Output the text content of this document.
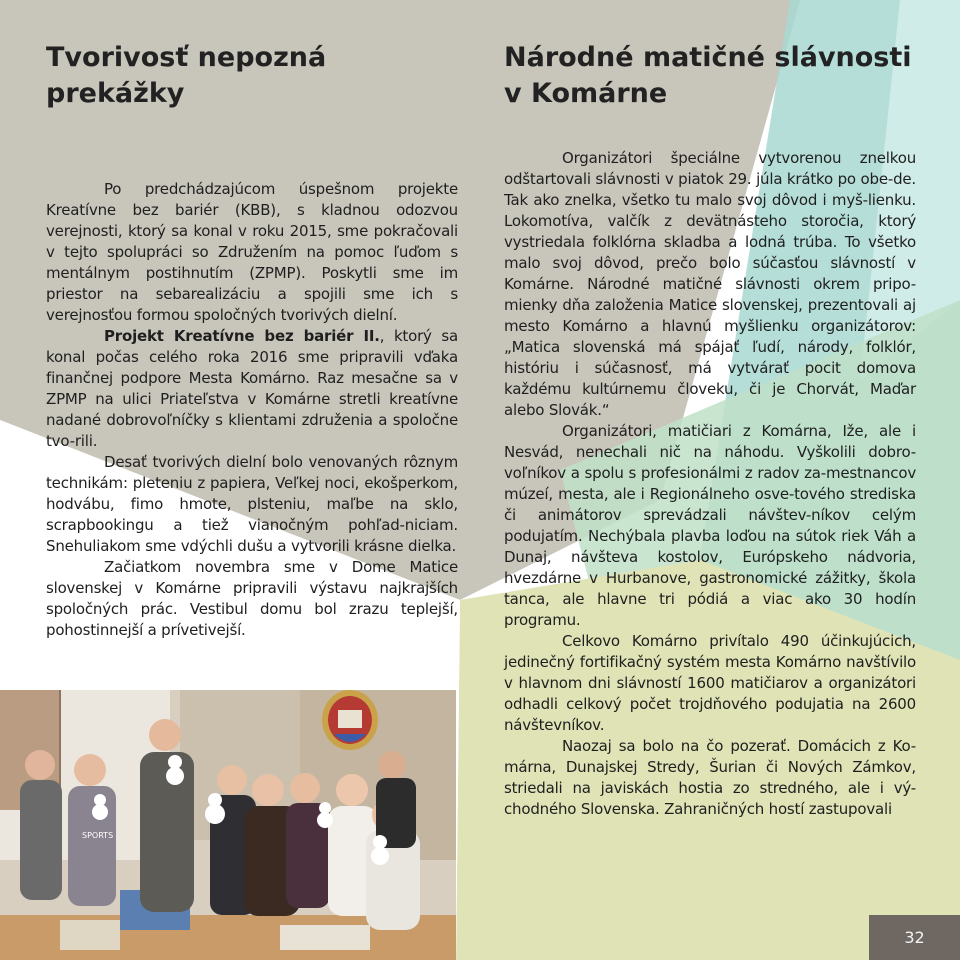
Tvorivosť nepozná prekážky

Po predchádzajúcom úspešnom projekte Kreatívne bez bariér (KBB), s kladnou odozvou verejnosti, ktorý sa konal v roku 2015, sme pokračovali v tejto spolupráci so Združením na pomoc ľuďom s mentálnym postihnutím (ZPMP). Poskytli sme im priestor na sebarealizáciu a spojili sme ich s verejnosťou formou spoločných tvorivých dielní.

Projekt Kreatívne bez bariér II., ktorý sa konal počas celého roka 2016 sme pripravili vďaka finančnej podpore Mesta Komárno. Raz mesačne sa v ZPMP na ulici Priateľstva v Komárne stretli kreatívne nadané dobrovoľníčky s klientami združenia a spoločne tvo-rili.

Desať tvorivých dielní bolo venovaných rôznym technikám: pleteniu z papiera, Veľkej noci, ekošperkom, hodvábu, fimo hmote, plsteniu, maľbe na sklo, scrapbookingu a tiež vianočným pohľad-niciam. Snehuliakom sme vdýchli dušu a vytvorili krásne dielka.

Začiatkom novembra sme v Dome Matice slovenskej v Komárne pripravili výstavu najkrajších spoločných prác. Vestibul domu bol zrazu teplejší, pohostinnejší a prívetivejší.

Národné matičné slávnosti
v Komárne

Organizátori špeciálne vytvorenou znelkou odštartovali slávnosti v piatok 29. júla krátko po obe-de. Tak ako znelka, všetko tu malo svoj dôvod i myš-lienku. Lokomotíva, valčík z devätnásteho storočia, ktorý vystriedala folklórna skladba a lodná trúba. To všetko malo svoj dôvod, prečo bolo súčasťou slávností v Komárne. Národné matičné slávnosti okrem pripo-mienky dňa založenia Matice slovenskej, prezentovali aj mesto Komárno a hlavnú myšlienku organizátorov: „Matica slovenská má spájať ľudí, národy, folklór, históriu i súčasnosť, má vytvárať pocit domova každému kultúrnemu človeku, či je Chorvát, Maďar alebo Slovák.“

Organizátori, matičiari z Komárna, Iže, ale i Nesvád, nenechali nič na náhodu. Vyškolili dobro-voľníkov a spolu s profesionálmi z radov za-mestnancov múzeí, mesta, ale i Regionálneho osve-tového strediska či animátorov sprevádzali návštev-níkov celým podujatím. Nechýbala plavba loďou na sútok riek Váh a Dunaj, návšteva kostolov, Európskeho nádvoria, hvezdárne v Hurbanove, gastronomické zážitky, škola tanca, ale hlavne tri pódiá a viac ako 30 hodín programu.

Celkovo Komárno privítalo 490 účinkujúcich, jedinečný fortifikačný systém mesta Komárno navštívilo v hlavnom dni slávností 1600 matičiarov a organizátori odhadli celkový počet trojdňového podujatia na 2600 návštevníkov.

Naozaj sa bolo na čo pozerať. Domácich z Ko-márna, Dunajskej Stredy, Šurian či Nových Zámkov, striedali na javiskách hostia zo stredného, ale i vý-chodného Slovenska. Zahraničných hostí zastupovali

SPORTS
32
